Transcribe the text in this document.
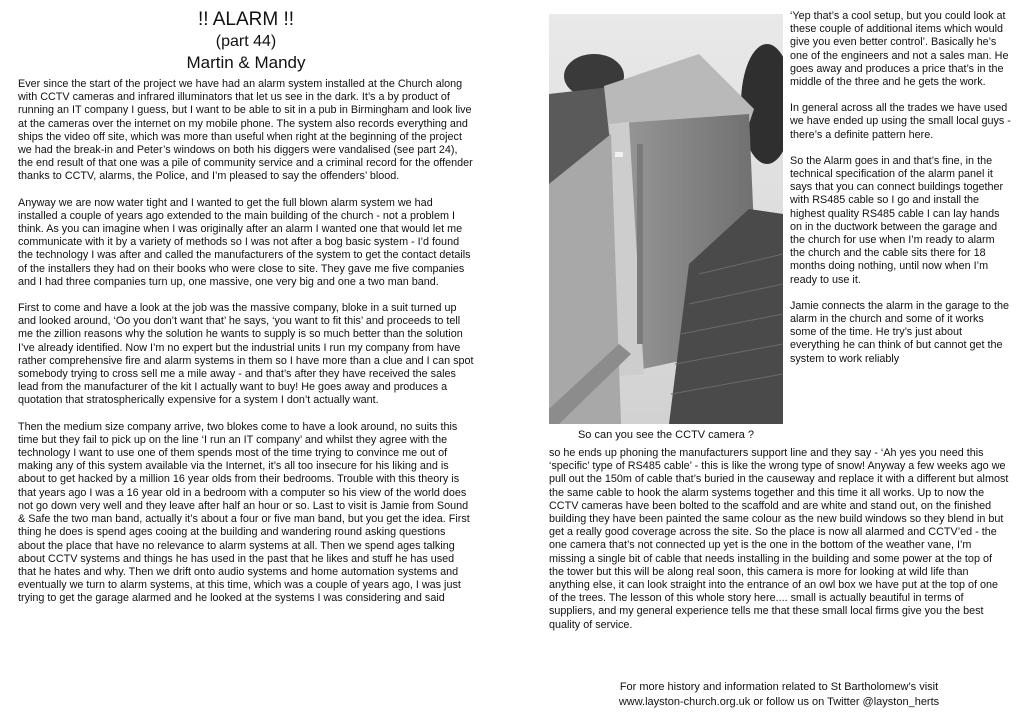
!! ALARM !!
(part 44)
Martin & Mandy

Ever since the start of the project we have had an alarm system installed at the Church along with CCTV cameras and infrared illuminators that let us see in the dark. It’s a by product of running an IT company I guess, but I want to be able to sit in a pub in Birmingham and look live at the cameras over the internet on my mobile phone. The system also records everything and ships the video off site, which was more than useful when right at the beginning of the project we had the break-in and Peter’s windows on both his diggers were vandalised (see part 24), the end result of that one was a pile of community service and a criminal record for the offender thanks to CCTV, alarms, the Police, and I’m pleased to say the offenders’ blood.

Anyway we are now water tight and I wanted to get the full blown alarm system we had installed a couple of years ago extended to the main building of the church - not a problem I think. As you can imagine when I was originally after an alarm I wanted one that would let me communicate with it by a variety of methods so I was not after a bog basic system - I’d found the technology I was after and called the manufacturers of the system to get the contact details of the installers they had on their books who were close to site. They gave me five companies and I had three companies turn up, one massive, one very big and one a two man band.

First to come and have a look at the job was the massive company, bloke in a suit turned up and looked around, ‘Oo you don’t want that’ he says, ‘you want to fit this’ and proceeds to tell me the zillion reasons why the solution he wants to supply is so much better than the solution I’ve already identified. Now I’m no expert but the industrial units I run my company from have rather comprehensive fire and alarm systems in them so I have more than a clue and I can spot somebody trying to cross sell me a mile away - and that’s after they have received the sales lead from the manufacturer of the kit I actually want to buy! He goes away and produces a quotation that stratospherically expensive for a system I don’t actually want.

Then the medium size company arrive, two blokes come to have a look around, no suits this time but they fail to pick up on the line ‘I run an IT company’ and whilst they agree with the technology I want to use one of them spends most of the time trying to convince me out of making any of this system available via the Internet, it’s all too insecure for his liking and is about to get hacked by a million 16 year olds from their bedrooms. Trouble with this theory is that years ago I was a 16 year old in a bedroom with a computer so his view of the world does not go down very well and they leave after half an hour or so. Last to visit is Jamie from Sound & Safe the two man band, actually it’s about a four or five man band, but you get the idea. First thing he does is spend ages cooing at the building and wandering round asking questions about the place that have no relevance to alarm systems at all. Then we spend ages talking about CCTV systems and things he has used in the past that he likes and stuff he has used that he hates and why. Then we drift onto audio systems and home automation systems and eventually we turn to alarm systems, at this time, which was a couple of years ago, I was just trying to get the garage alarmed and he looked at the systems I was considering and said

So can you see the CCTV camera ?

‘Yep that’s a cool setup, but you could look at these couple of additional items which would give you even better control’. Basically he’s one of the engineers and not a sales man. He goes away and produces a price that’s in the middle of the three and he gets the work.

In general across all the trades we have used we have ended up using the small local guys - there’s a definite pattern here.

So the Alarm goes in and that’s fine, in the technical specification of the alarm panel it says that you can connect buildings together with RS485 cable so I go and install the highest quality RS485 cable I can lay hands on in the ductwork between the garage and the church for use when I’m ready to alarm the church and the cable sits there for 18 months doing nothing, until now when I’m ready to use it.

Jamie connects the alarm in the garage to the alarm in the church and some of it works some of the time. He try’s just about everything he can think of but cannot get the system to work reliably

so he ends up phoning the manufacturers support line and they say - ‘Ah yes you need this ‘specific’ type of RS485 cable’ - this is like the wrong type of snow! Anyway a few weeks ago we pull out the 150m of cable that’s buried in the causeway and replace it with a different but almost the same cable to hook the alarm systems together and this time it all works. Up to now the CCTV cameras have been bolted to the scaffold and are white and stand out, on the finished building they have been painted the same colour as the new build windows so they blend in but get a really good coverage across the site. So the place is now all alarmed and CCTV’ed - the one camera that’s not connected up yet is the one in the bottom of the weather vane, I’m missing a single bit of cable that needs installing in the building and some power at the top of the tower but this will be along real soon, this camera is more for looking at wild life than anything else, it can look straight into the entrance of an owl box we have put at the top of one of the trees. The lesson of this whole story here.... small is actually beautiful in terms of suppliers, and my general experience tells me that these small local firms give you the best quality of service.

For more history and information related to St Bartholomew’s visit
www.layston-church.org.uk or follow us on Twitter @layston_herts
